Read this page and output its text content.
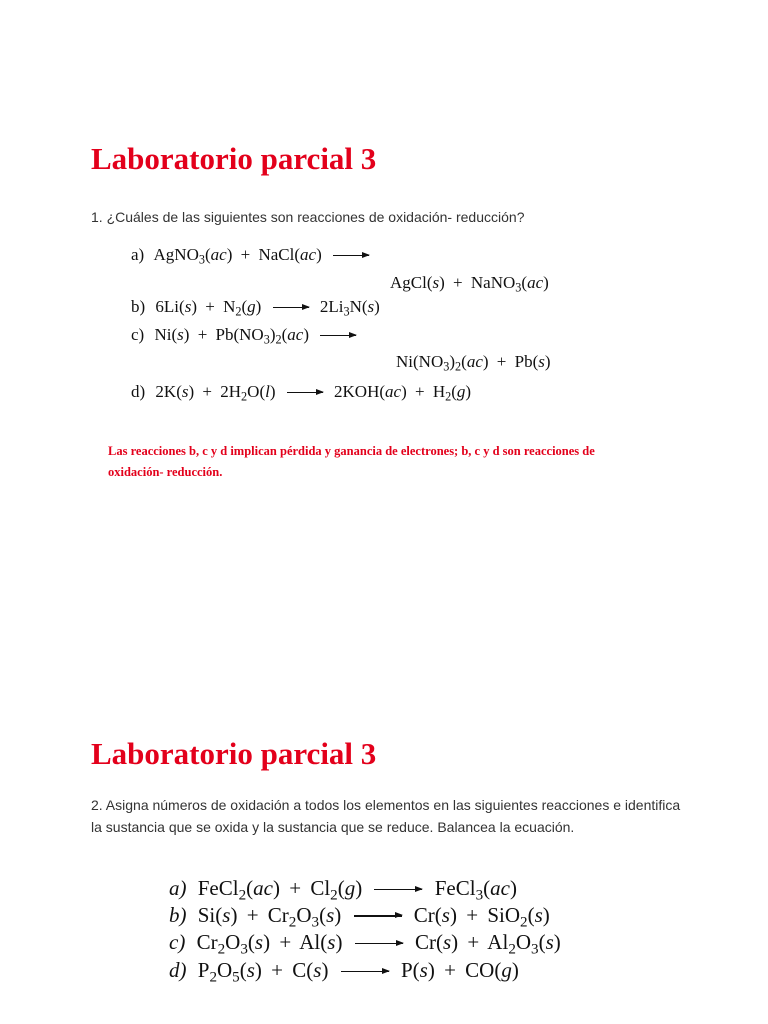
Laboratorio parcial 3

1. ¿Cuáles de las siguientes son reacciones de oxidación- reducción?

a) AgNO$_3$(ac) + NaCl(ac) →
AgCl(s) + NaNO$_3$(ac)
b) $6Li(s) + N_2(g) \to 2Li_3N(s)$
c) $Ni(s) + Pb(NO_3)_2(ac)$ →
$Ni(NO_3)_2(ac) + Pb(s)$
d) $2K(s) + 2H_2O(l) \to 2KOH(ac) + H_2(g)$

Las reacciones b, c y d implican pérdida y ganancia de electrones; b, c y d son reacciones de oxidación- reducción.

Laboratorio parcial 3

2. Asigna números de oxidación a todos los elementos en las siguientes reacciones e identifica la sustancia que se oxida y la sustancia que se reduce. Balancea la ecuación.

a) FeCl$_2$(ac) + $Cl_2(g)$ → FeCl$_3$(ac)
b) $Si(s) + Cr_2O_3(s) \to Cr(s) + SiO_2(s)$
c) $Cr_2O_3(s) + Al(s) \to Cr(s) + Al_2O_3(s)$
d) $P_2O_5(s) + C(s) \to P(s) + CO(g)$
